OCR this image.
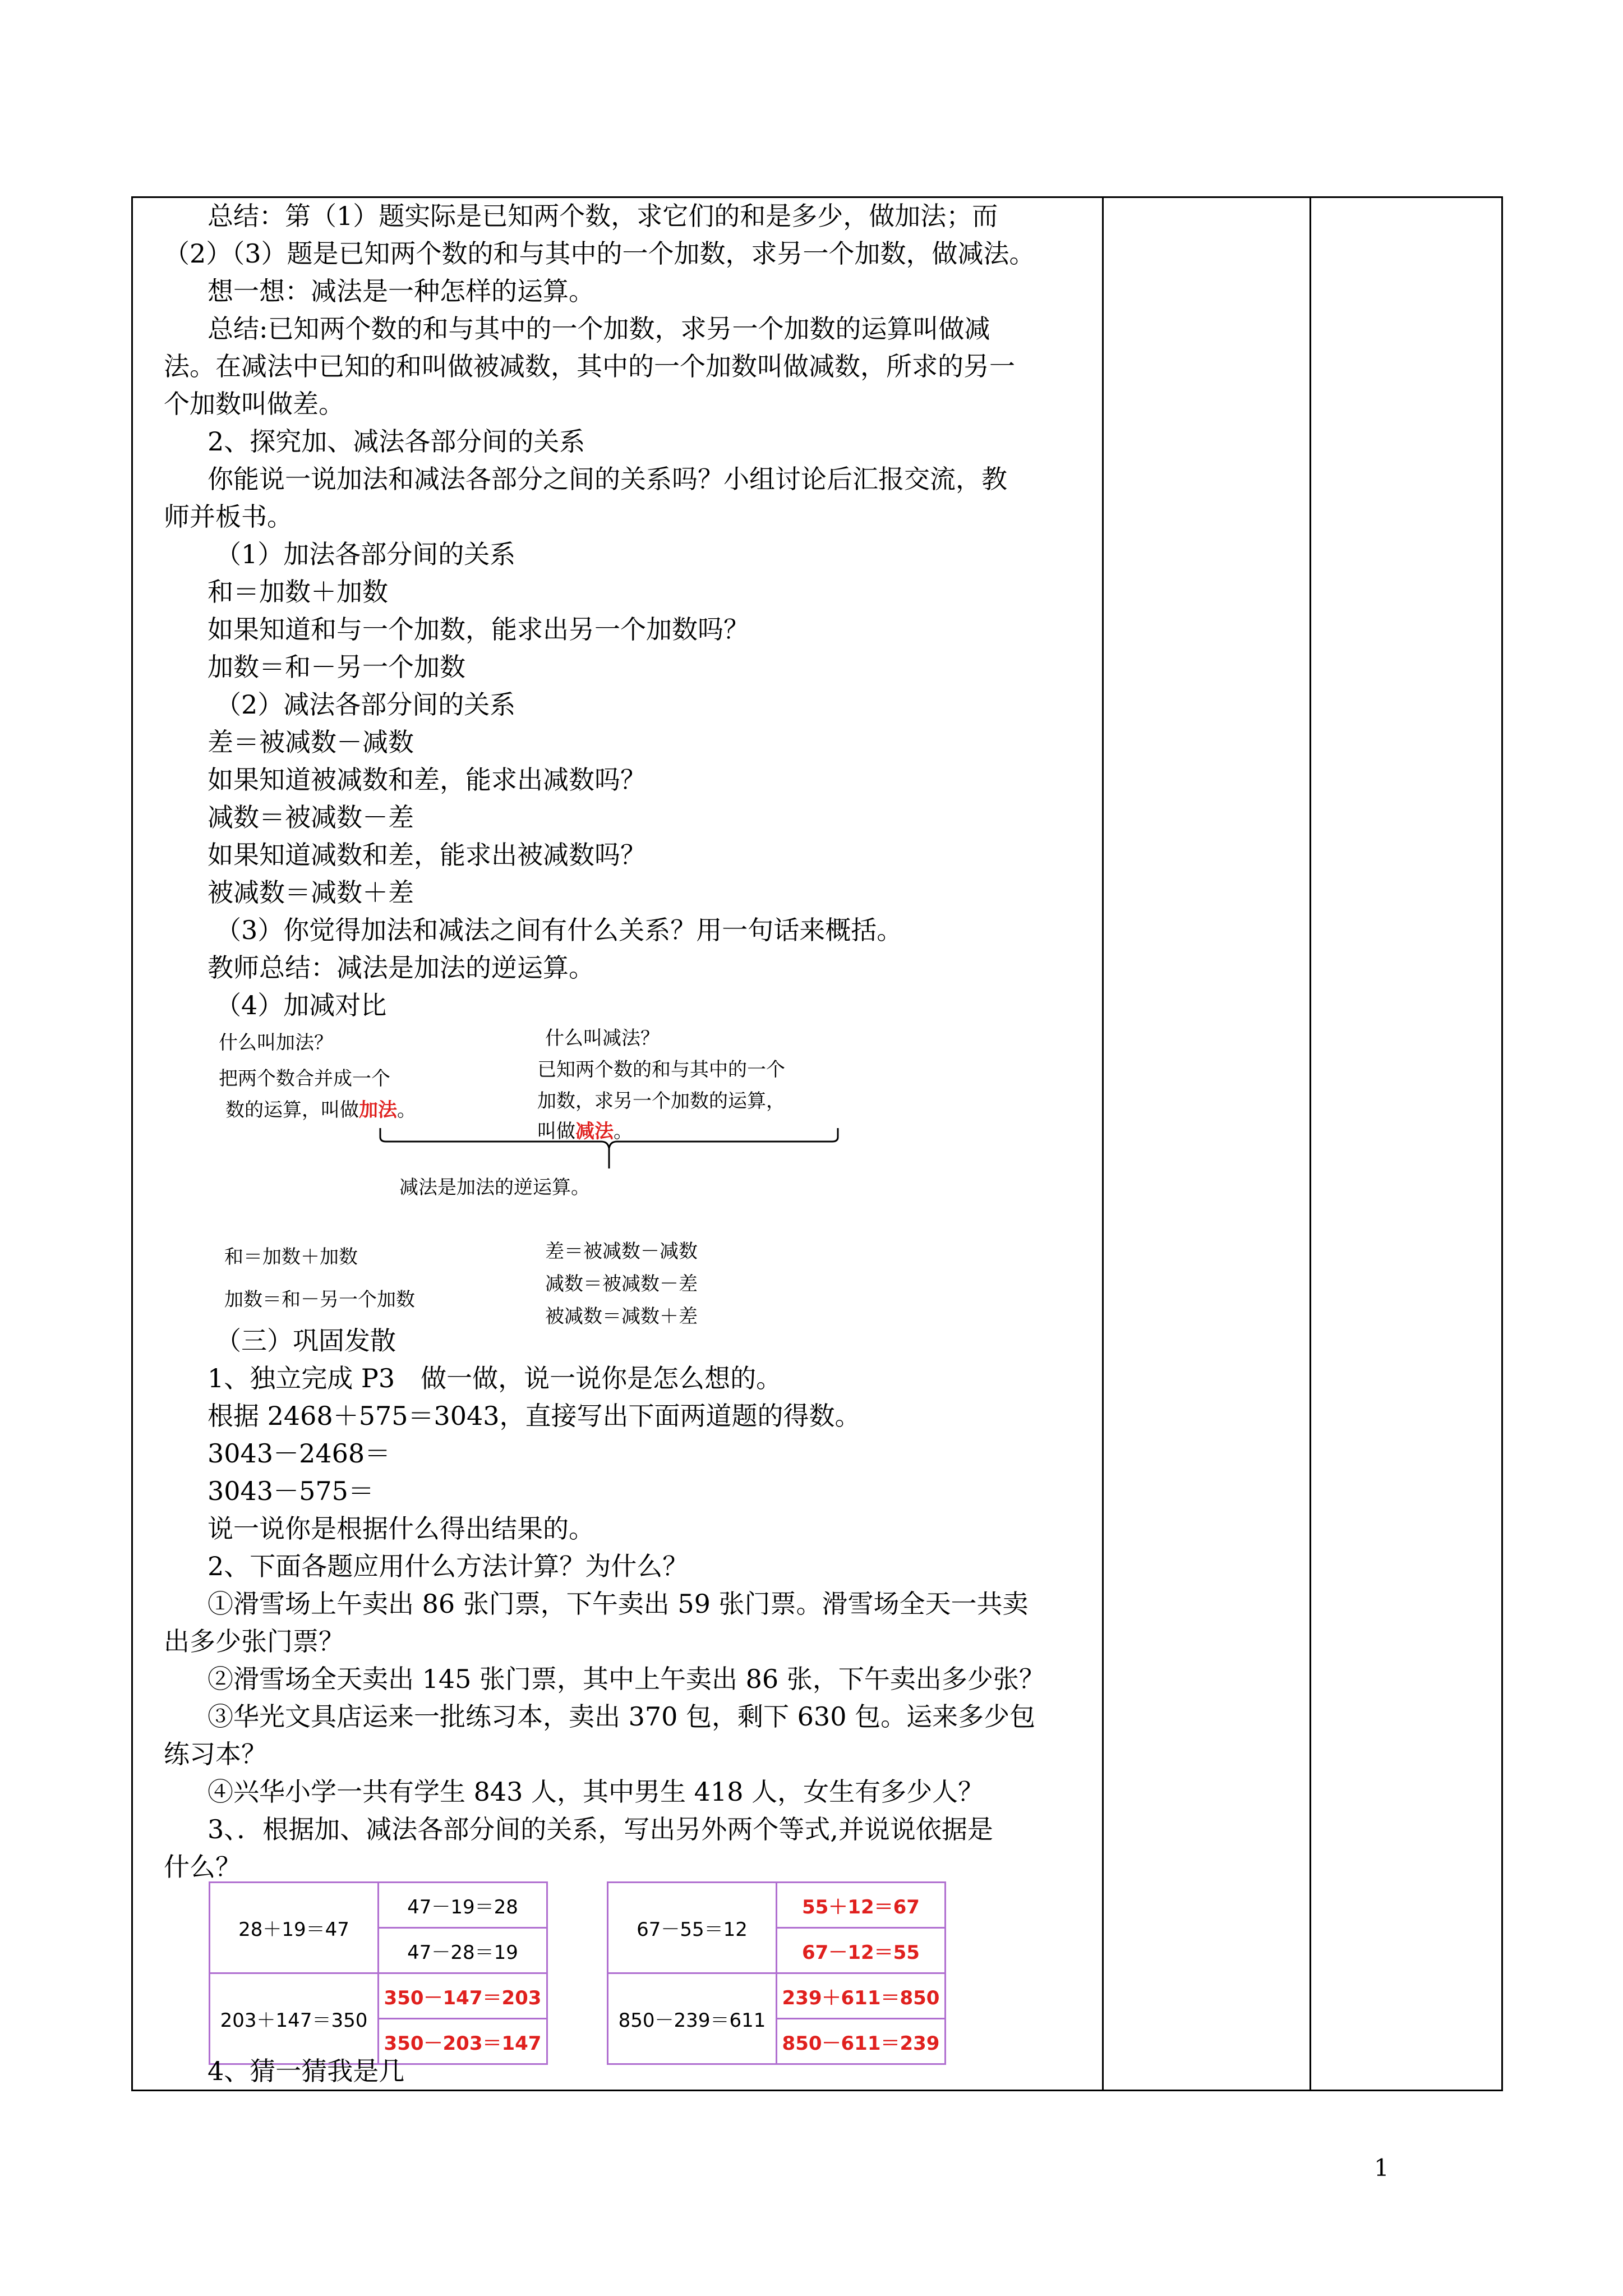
总结：第（1）题实际是已知两个数，求它们的和是多少，做加法；而
（2）（3）题是已知两个数的和与其中的一个加数，求另一个加数，做减法。
想一想：减法是一种怎样的运算。
总结:已知两个数的和与其中的一个加数，求另一个加数的运算叫做减
法。在减法中已知的和叫做被减数，其中的一个加数叫做减数，所求的另一
个加数叫做差。
2、探究加、减法各部分间的关系
你能说一说加法和减法各部分之间的关系吗？小组讨论后汇报交流，教
师并板书。
（1）加法各部分间的关系
和＝加数＋加数
如果知道和与一个加数，能求出另一个加数吗？
加数＝和－另一个加数
（2）减法各部分间的关系
差＝被减数－减数
如果知道被减数和差，能求出减数吗？
减数＝被减数－差
如果知道减数和差，能求出被减数吗？
被减数＝减数＋差
（3）你觉得加法和减法之间有什么关系？用一句话来概括。
教师总结：减法是加法的逆运算。
（4）加减对比
什么叫加法？	什么叫减法？
把两个数合并成一个
数的运算，叫做加法。
已知两个数的和与其中的一个
加数，求另一个加数的运算，
叫做减法。
减法是加法的逆运算。
和＝加数＋加数
加数＝和－另一个加数
差＝被减数－减数
减数＝被减数－差
被减数＝减数＋差
（三）巩固发散
1、独立完成 P3　做一做，说一说你是怎么想的。
根据 2468＋575＝3043，直接写出下面两道题的得数。
3043－2468＝
3043－575＝
说一说你是根据什么得出结果的。
2、下面各题应用什么方法计算？为什么？
①滑雪场上午卖出 86 张门票，下午卖出 59 张门票。滑雪场全天一共卖
出多少张门票？
②滑雪场全天卖出 145 张门票，其中上午卖出 86 张，下午卖出多少张？
③华光文具店运来一批练习本，卖出 370 包，剩下 630 包。运来多少包
练习本？
④兴华小学一共有学生 843 人，其中男生 418 人，女生有多少人？
3、．根据加、减法各部分间的关系，写出另外两个等式,并说说依据是
什么？
28＋19＝47	47－19＝28
	47－28＝19
203＋147＝350	350－147＝203
	350－203＝147
67－55＝12	55＋12＝67
	67－12＝55
850－239＝611	239＋611＝850
	850－611＝239
4、猜一猜我是几
1
